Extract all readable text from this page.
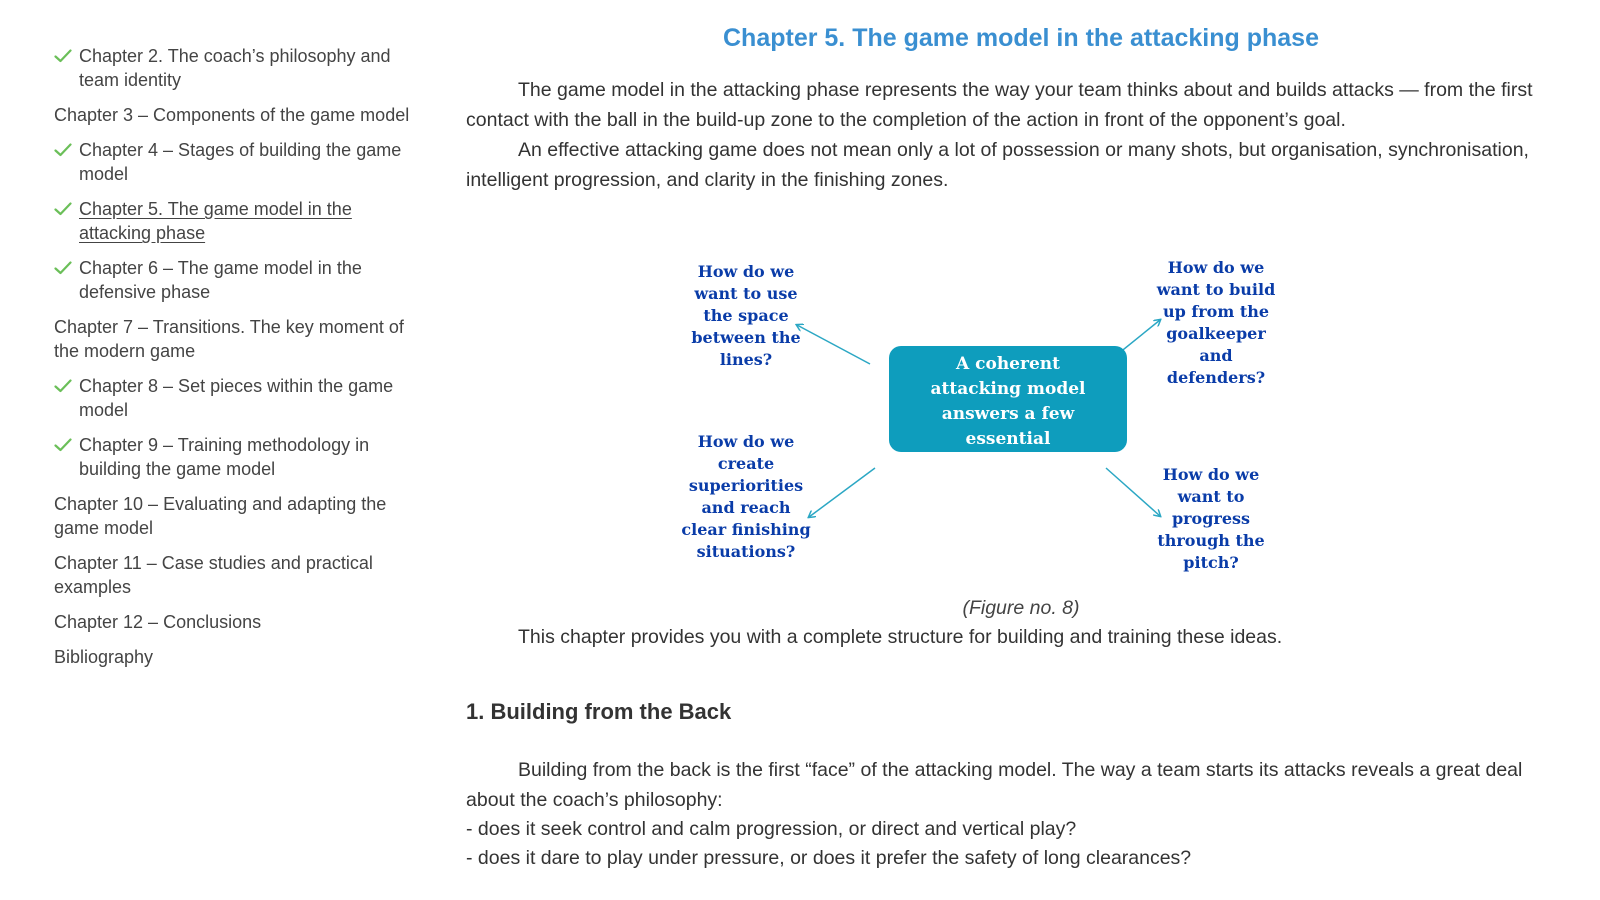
Chapter 2. The coach’s philosophy and team identity
Chapter 3 – Components of the game model
Chapter 4 – Stages of building the game model
Chapter 5. The game model in the attacking phase
Chapter 6 – The game model in the defensive phase
Chapter 7 – Transitions. The key moment of the modern game
Chapter 8 – Set pieces within the game model
Chapter 9 – Training methodology in building the game model
Chapter 10 – Evaluating and adapting the game model
Chapter 11 – Case studies and practical examples
Chapter 12 – Conclusions
Bibliography
Chapter 5. The game model in the attacking phase

The game model in the attacking phase represents the way your team thinks about and builds attacks — from the first contact with the ball in the build-up zone to the completion of the action in front of the opponent’s goal.

An effective attacking game does not mean only a lot of possession or many shots, but organisation, synchronisation, intelligent progression, and clarity in the finishing zones.

How do we
want to use
the space
between the
lines?
How do we
want to build
up from the
goalkeeper
and
defenders?
A coherent
attacking model
answers a few
essential
How do we
create
superiorities
and reach
clear finishing
situations?
How do we
want to
progress
through the
pitch?

(Figure no. 8)

This chapter provides you with a complete structure for building and training these ideas.

1. Building from the Back

Building from the back is the first “face” of the attacking model. The way a team starts its attacks reveals a great deal about the coach’s philosophy:

- does it seek control and calm progression, or direct and vertical play?

- does it dare to play under pressure, or does it prefer the safety of long clearances?
